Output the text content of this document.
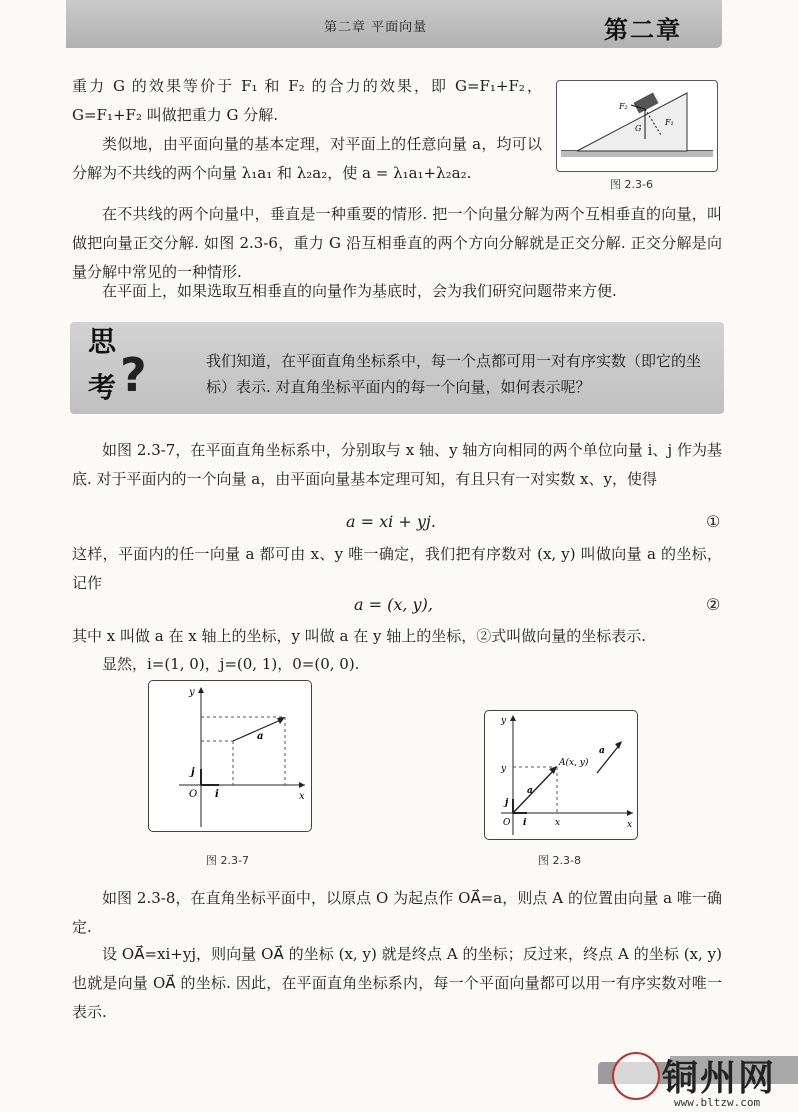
第二章 平面向量	第二章

重力 G 的效果等价于 F₁ 和 F₂ 的合力的效果，即 G=F₁+F₂，G=F₁+F₂ 叫做把重力 G 分解.

类似地，由平面向量的基本定理，对平面上的任意向量 a，均可以分解为不共线的两个向量 λ₁a₁ 和 λ₂a₂，使 a = λ₁a₁+λ₂a₂.

F₂
F₁
G
图 2.3-6

在不共线的两个向量中，垂直是一种重要的情形. 把一个向量分解为两个互相垂直的向量，叫做把向量正交分解. 如图 2.3-6，重力 G 沿互相垂直的两个方向分解就是正交分解. 正交分解是向量分解中常见的一种情形.

在平面上，如果选取互相垂直的向量作为基底时，会为我们研究问题带来方便.

思
考 ?	我们知道，在平面直角坐标系中，每一个点都可用一对有序实数（即它的坐标）表示. 对直角坐标平面内的每一个向量，如何表示呢？

如图 2.3-7，在平面直角坐标系中，分别取与 x 轴、y 轴方向相同的两个单位向量 i、j 作为基底. 对于平面内的一个向量 a，由平面向量基本定理可知，有且只有一对实数 x、y，使得

a = xi + yj.	①

这样，平面内的任一向量 a 都可由 x、y 唯一确定，我们把有序数对 (x, y) 叫做向量 a 的坐标，记作

a = (x, y),	②

其中 x 叫做 a 在 x 轴上的坐标，y 叫做 a 在 y 轴上的坐标，②式叫做向量的坐标表示.

显然，i=(1, 0)，j=(0, 1)，0=(0, 0).

y
x
O i
j
a
图 2.3-7
y
x
O i
j
a
a
A(x, y)
x
y
图 2.3-8

如图 2.3-8，在直角坐标平面中，以原点 O 为起点作 OA⃗=a，则点 A 的位置由向量 a 唯一确定.

设 OA⃗=xi+yj，则向量 OA⃗ 的坐标 (x, y) 就是终点 A 的坐标；反过来，终点 A 的坐标 (x, y) 也就是向量 OA⃗ 的坐标. 因此，在平面直角坐标系内，每一个平面向量都可以用一有序实数对唯一表示.

铜州网
www.bltzw.com
